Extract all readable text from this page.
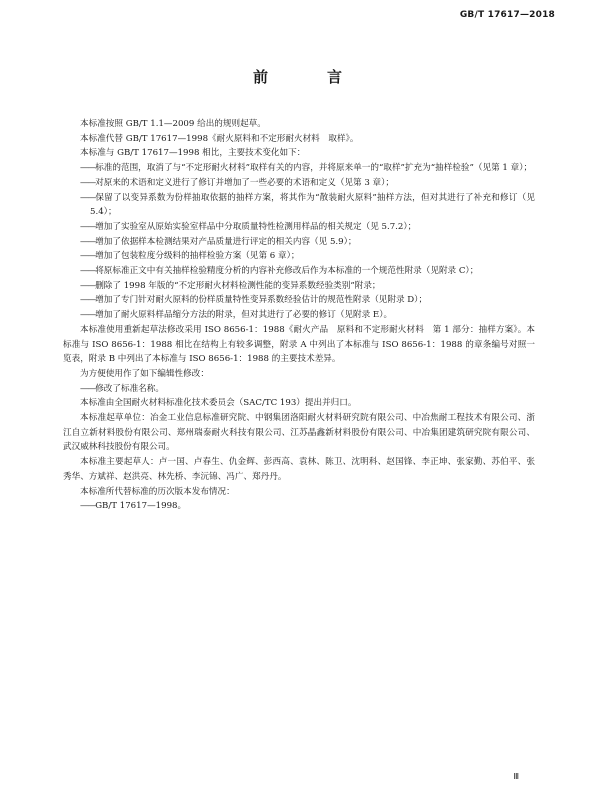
GB/T 17617—2018
前　言

本标准按照 GB/T 1.1—2009 给出的规则起草。

本标准代替 GB/T 17617—1998《耐火原料和不定形耐火材料　取样》。

本标准与 GB/T 17617—1998 相比，主要技术变化如下：

——标准的范围，取消了与“不定形耐火材料”取样有关的内容，并将原来单一的“取样”扩充为“抽样检验”（见第 1 章）；

——对原来的术语和定义进行了修订并增加了一些必要的术语和定义（见第 3 章）；

——保留了以变异系数为份样抽取依据的抽样方案，将其作为“散装耐火原料”抽样方法，但对其进行了补充和修订（见 5.4）；

——增加了实验室从原始实验室样品中分取质量特性检测用样品的相关规定（见 5.7.2）；

——增加了依据样本检测结果对产品质量进行评定的相关内容（见 5.9）；

——增加了包装粒度分级料的抽样检验方案（见第 6 章）；

——将原标准正文中有关抽样检验精度分析的内容补充修改后作为本标准的一个规范性附录（见附录 C）；

——删除了 1998 年版的“不定形耐火材料检测性能的变异系数经验类别”附录；

——增加了专门针对耐火原料的份样质量特性变异系数经验估计的规范性附录（见附录 D）；

——增加了耐火原料样品缩分方法的附录，但对其进行了必要的修订（见附录 E）。

本标准使用重新起草法修改采用 ISO 8656-1：1988《耐火产品　原料和不定形耐火材料　第 1 部分：抽样方案》。本标准与 ISO 8656-1：1988 相比在结构上有较多调整，附录 A 中列出了本标准与 ISO 8656-1：1988 的章条编号对照一览表，附录 B 中列出了本标准与 ISO 8656-1：1988 的主要技术差异。

为方便使用作了如下编辑性修改：

——修改了标准名称。

本标准由全国耐火材料标准化技术委员会（SAC/TC 193）提出并归口。

本标准起草单位：冶金工业信息标准研究院、中钢集团洛阳耐火材料研究院有限公司、中冶焦耐工程技术有限公司、浙江自立新材料股份有限公司、郑州瑞泰耐火科技有限公司、江苏晶鑫新材料股份有限公司、中冶集团建筑研究院有限公司、武汉威林科技股份有限公司。

本标准主要起草人：卢一国、卢春生、仇金辉、彭西高、袁林、陈卫、沈明科、赵国锋、李正坤、张家勤、苏伯平、张秀华、方斌祥、赵洪亮、林先桥、李沅锦、冯广、郑丹丹。

本标准所代替标准的历次版本发布情况：

——GB/T 17617—1998。

Ⅲ
